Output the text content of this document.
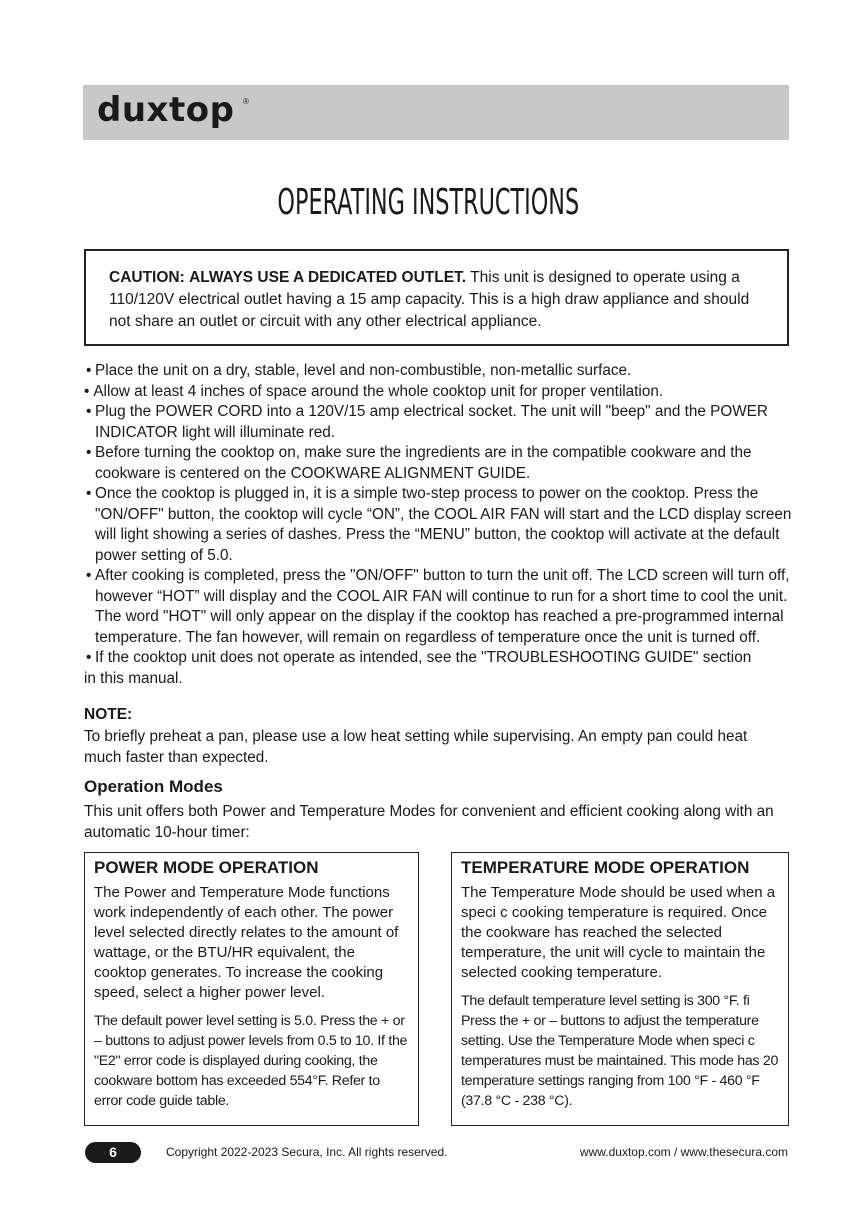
duxtop ®
OPERATING INSTRUCTIONS
CAUTION: ALWAYS USE A DEDICATED OUTLET. This unit is designed to operate using a 110/120V electrical outlet having a 15 amp capacity. This is a high draw appliance and should not share an outlet or circuit with any other electrical appliance.
• Place the unit on a dry, stable, level and non-combustible, non-metallic surface.
• Allow at least 4 inches of space around the whole cooktop unit for proper ventilation.
• Plug the POWER CORD into a 120V/15 amp electrical socket. The unit will "beep" and the POWER INDICATOR light will illuminate red.
• Before turning the cooktop on, make sure the ingredients are in the compatible cookware and the cookware is centered on the COOKWARE ALIGNMENT GUIDE.
• Once the cooktop is plugged in, it is a simple two-step process to power on the cooktop. Press the "ON/OFF" button, the cooktop will cycle “ON”, the COOL AIR FAN will start and the LCD display screen will light showing a series of dashes. Press the “MENU” button, the cooktop will activate at the default power setting of 5.0.
• After cooking is completed, press the "ON/OFF" button to turn the unit off. The LCD screen will turn off, however “HOT” will display and the COOL AIR FAN will continue to run for a short time to cool the unit. The word "HOT" will only appear on the display if the cooktop has reached a pre-programmed internal temperature. The fan however, will remain on regardless of temperature once the unit is turned off.
• If the cooktop unit does not operate as intended, see the "TROUBLESHOOTING GUIDE" section
in this manual.
NOTE:
To briefly preheat a pan, please use a low heat setting while supervising. An empty pan could heat much faster than expected.
Operation Modes
This unit offers both Power and Temperature Modes for convenient and efficient cooking along with an automatic 10-hour timer:
POWER MODE OPERATION
The Power and Temperature Mode functions work independently of each other. The power level selected directly relates to the amount of wattage, or the BTU/HR equivalent, the cooktop generates. To increase the cooking speed, select a higher power level.
The default power level setting is 5.0. Press the + or – buttons to adjust power levels from 0.5 to 10. If the "E2" error code is displayed during cooking, the cookware bottom has exceeded 554°F. Refer to error code guide table.
TEMPERATURE MODE OPERATION
The Temperature Mode should be used when a speci c cooking temperature is required. Once the cookware has reached the selected temperature, the unit will cycle to maintain the selected cooking temperature.
The default temperature level setting is 300 °F. fi Press the + or – buttons to adjust the temperature setting. Use the Temperature Mode when speci c temperatures must be maintained. This mode has 20 temperature settings ranging from 100 °F - 460 °F (37.8 °C - 238 °C).
6	Copyright 2022-2023 Secura, Inc. All rights reserved.	www.duxtop.com / www.thesecura.com
